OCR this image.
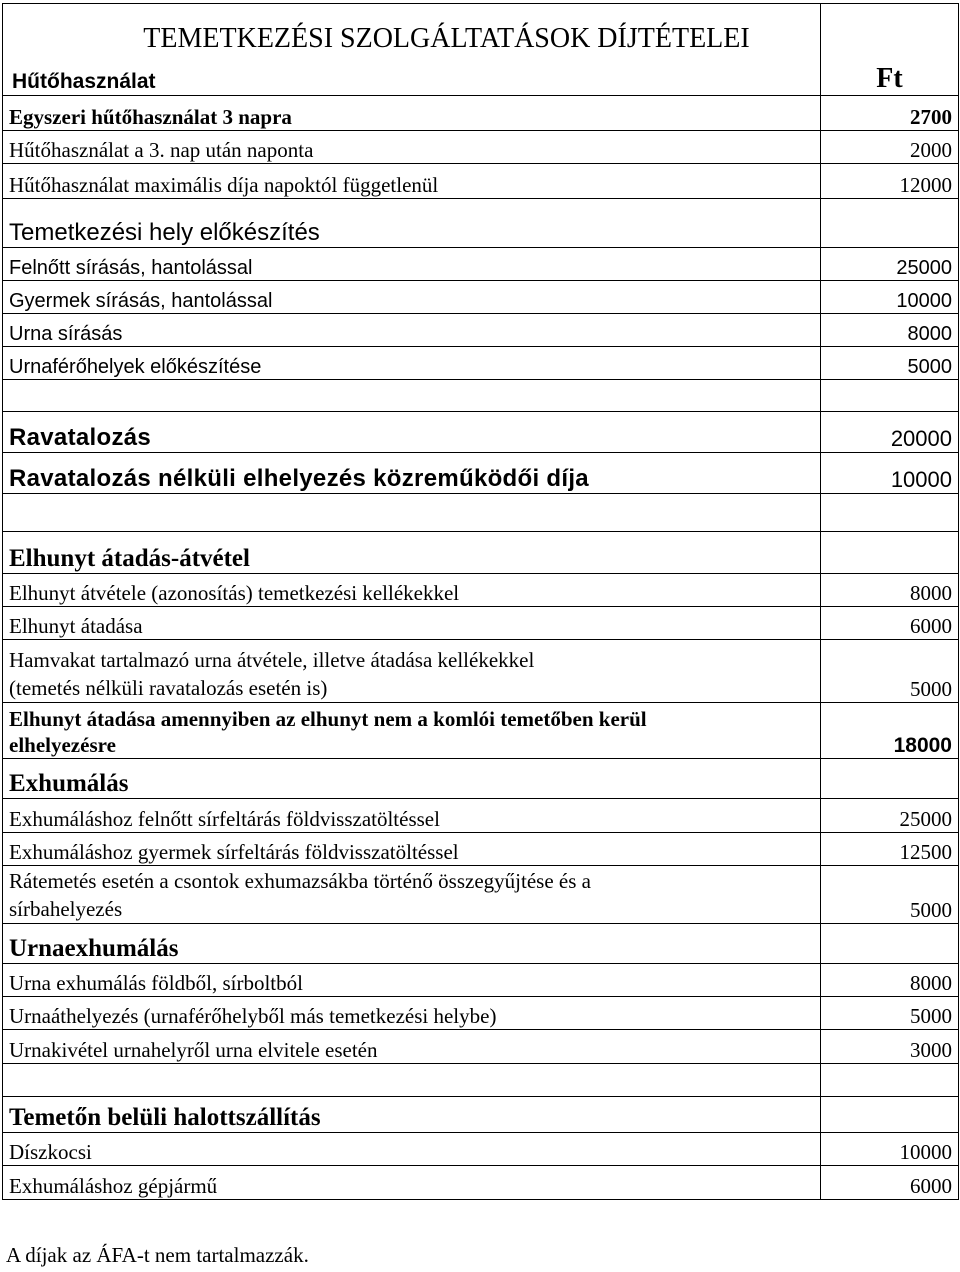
TEMETKEZÉSI SZOLGÁLTATÁSOK DÍJTÉTELEI
Hűtőhasználat	Ft
Egyszeri hűtőhasználat 3 napra	2700
Hűtőhasználat a 3. nap után naponta	2000
Hűtőhasználat maximális díja napoktól függetlenül	12000
Temetkezési hely előkészítés	
Felnőtt sírásás, hantolással	25000
Gyermek sírásás, hantolással	10000
Urna sírásás	8000
Urnaférőhelyek előkészítése	5000

Ravatalozás	20000
Ravatalozás nélküli elhelyezés közreműködői díja	10000

Elhunyt átadás-átvétel	
Elhunyt átvétele (azonosítás) temetkezési kellékekkel	8000
Elhunyt átadása	6000
Hamvakat tartalmazó urna átvétele, illetve átadása kellékekkel
(temetés nélküli ravatalozás esetén is)	5000
Elhunyt átadása amennyiben az elhunyt nem a komlói temetőben kerül
elhelyezésre	18000
Exhumálás	
Exhumáláshoz felnőtt sírfeltárás földvisszatöltéssel	25000
Exhumáláshoz gyermek sírfeltárás földvisszatöltéssel	12500
Rátemetés esetén a csontok exhumazsákba történő összegyűjtése és a
sírbahelyezés	5000
Urnaexhumálás	
Urna exhumálás földből, sírboltból	8000
Urnaáthelyezés (urnaférőhelyből más temetkezési helybe)	5000
Urnakivétel urnahelyről urna elvitele esetén	3000

Temetőn belüli halottszállítás	
Díszkocsi	10000
Exhumáláshoz gépjármű	6000
A díjak az ÁFA-t nem tartalmazzák.
